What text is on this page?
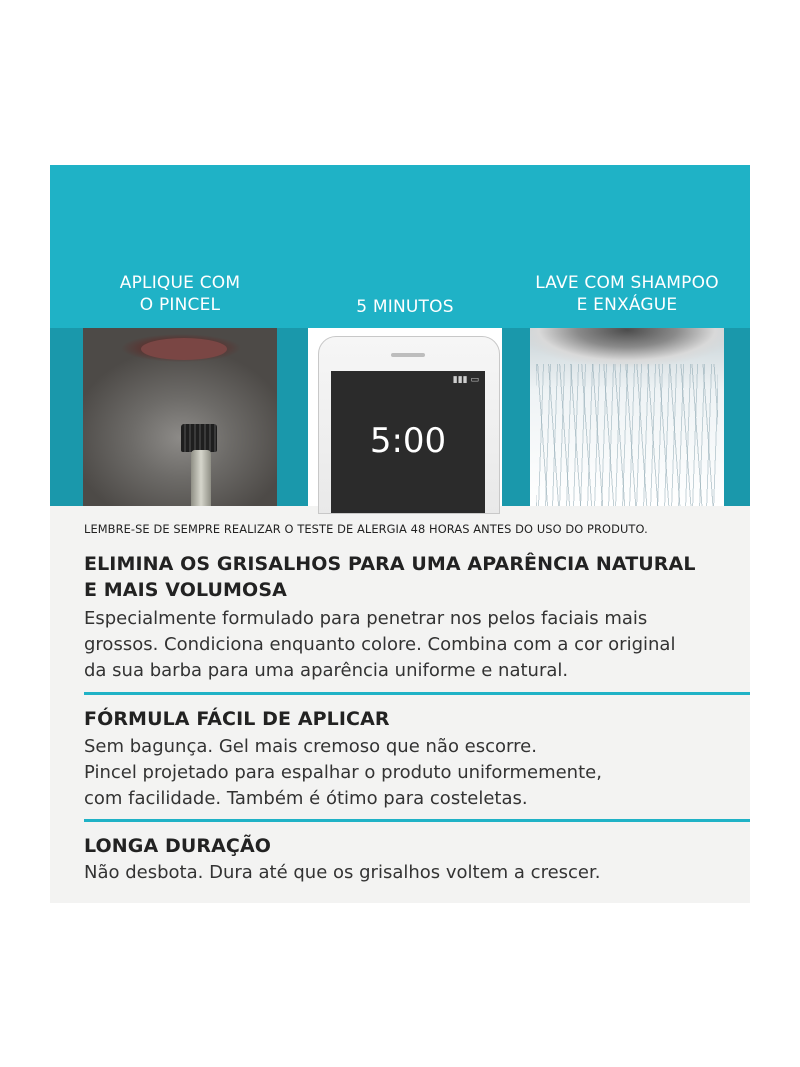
APLIQUE COM
O PINCEL	5 MINUTOS
▮▮▮ ▭
5:00
LAVE COM SHAMPOO
E ENXÁGUE
LEMBRE-SE DE SEMPRE REALIZAR O TESTE DE ALERGIA 48 HORAS ANTES DO USO DO PRODUTO.
ELIMINA OS GRISALHOS PARA UMA APARÊNCIA NATURAL
E MAIS VOLUMOSA
Especialmente formulado para penetrar nos pelos faciais mais
grossos. Condiciona enquanto colore. Combina com a cor original
da sua barba para uma aparência uniforme e natural.
FÓRMULA FÁCIL DE APLICAR
Sem bagunça. Gel mais cremoso que não escorre.
Pincel projetado para espalhar o produto uniformemente,
com facilidade. Também é ótimo para costeletas.
LONGA DURAÇÃO
Não desbota. Dura até que os grisalhos voltem a crescer.
